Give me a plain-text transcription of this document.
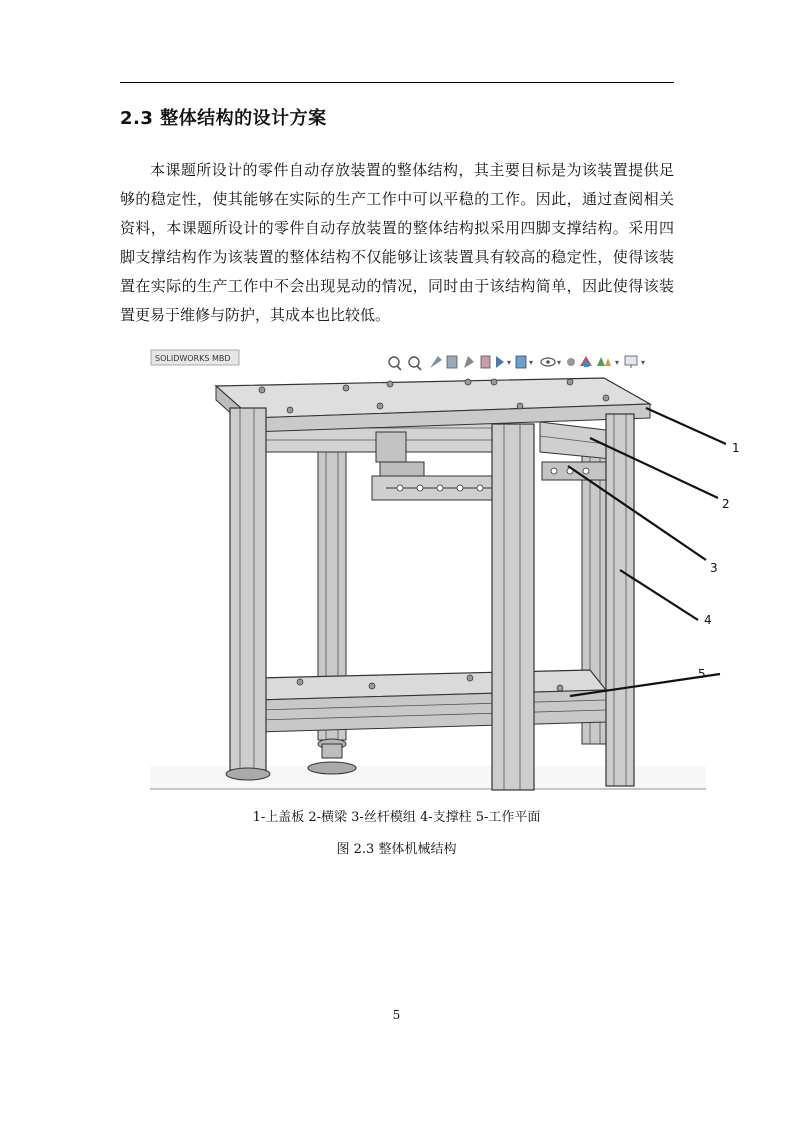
2.3 整体结构的设计方案

本课题所设计的零件自动存放装置的整体结构，其主要目标是为该装置提供足够的稳定性，使其能够在实际的生产工作中可以平稳的工作。因此，通过查阅相关资料，本课题所设计的零件自动存放装置的整体结构拟采用四脚支撑结构。采用四脚支撑结构作为该装置的整体结构不仅能够让该装置具有较高的稳定性，使得该装置在实际的生产工作中不会出现晃动的情况，同时由于该结构简单，因此使得该装置更易于维修与防护，其成本也比较低。

SOLIDWORKS MBD	▾ ▾	▾	▾	▾
1
2
3
4
5
1-上盖板 2-横梁 3-丝杆模组 4-支撑柱 5-工作平面
图 2.3 整体机械结构
5
